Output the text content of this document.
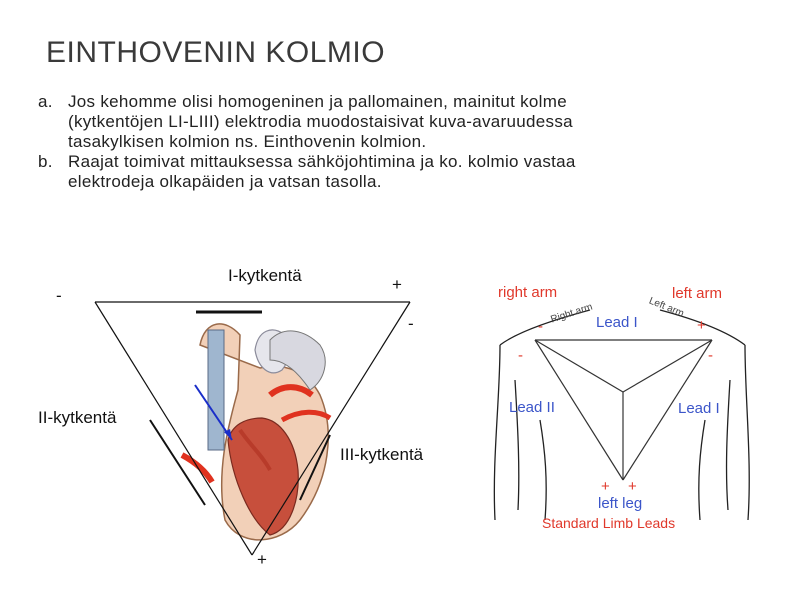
EINTHOVENIN KOLMIO
a. Jos kehomme olisi homogeninen ja pallomainen, mainitut kolme
(kytkentöjen LI-LIII) elektrodia muodostaisivat kuva-avaruudessa
tasakylkisen kolmion ns. Einthovenin kolmion.
b. Raajat toimivat mittauksessa sähköjohtimina ja ko. kolmio vastaa
elektrodeja olkapäiden ja vatsan tasolla.
I-kytkentä
-
+
-
II-kytkentä
III-kytkentä
+
right arm	left arm
Right arm	Left arm
Lead I
-	+
-	-
Lead II	Lead I
+ +
left leg
Standard Limb Leads
